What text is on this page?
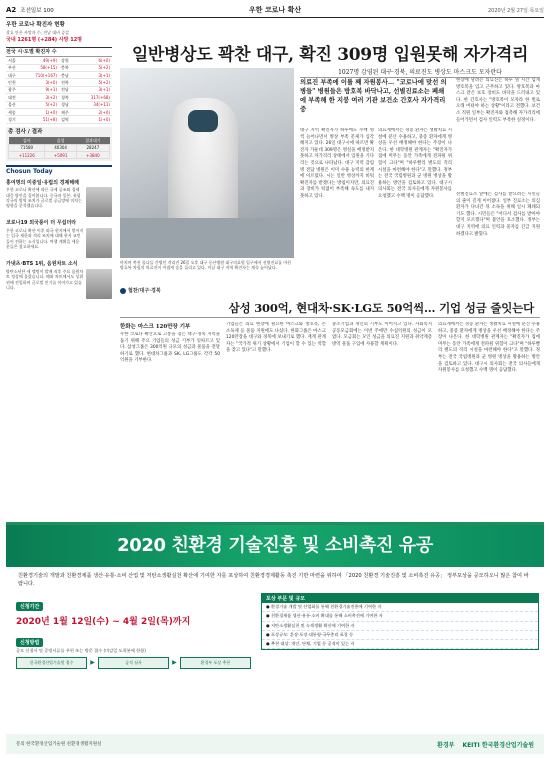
A2 조선일보 100	우한 코로나 확산	2020년 2월 27일 목요일
우한 코로나 확진자 현황
괄호 안은 사망자 수, 전날 대비 증감
국내 1261명 (+284) 사망 12명
전국 시·도별 확진자 수
서울	49(+9) 강원	6(+0)
부산	58(+15) 충북	5(+2)
대구	710(+167) 충남	3(+1)
인천	3(+0) 전북	5(+2)
광주	9(+1) 전남	3(+1)
대전	3(+2) 경북	317(+68)
울산	5(+2) 경남	34(+11)
세종	1(+0) 제주	2(+0)
경기	51(+8) 검역	1(+0)
총 검사 / 결과
검사	음성	결과대기
71580	40304	28247
+11226	+5091	+3840
Chosun Today
홍여명의 미중일·유럽의 경제해례
우한 코로나 확산에 따른 국제 공조와 경제 대응 방안을 짚어봅니다. 중국과 일본, 유럽 각국의 방역 조치가 글로벌 공급망에 미치는 영향을 분석했습니다.
코로나19 외국풍이 더 무섭더라
우한 코로나 확산 이후 외국 현지에서 벌어지는 입국 제한과 격리 조치에 대해 현지 교민들이 전하는 소식입니다. 여행 계획을 세운 분들은 참고하세요.
가넷츠·BTS 1위, 음원차트 소식
방탄소년단 새 앨범이 발매 직후 주요 음원차트 정상에 올랐습니다. 해외 차트에서도 상위권에 진입하며 글로벌 인기를 이어가고 있습니다.
일반병상도 꽉찬 대구, 확진 309명 입원못해 자가격리
마치며 쪽진 물나들 간병인 격리진 26일 오후 대구 동산병원 대구의료원 입구에서 선별진료를 마친 방호복 차림의 의료진이 어렵게 숨을 돌리고 있다. 이날 대구 지역 확진자는 계속 늘어났다.
1027명 감염된 대구·경북, 의료진도 병상도 마스크도 모자란다
의료진 부족에 이틀 째 자원봉사… "코로나에 맞선 의병들" 병원들은 방호복 바닥나고, 선별진료소는 폐쇄에 부족해 한 지붕 여러 기관 보건소 간호사 자가격리 중
대구 지역 확진자가 하루에도 수백 명씩 늘어나면서 병상 부족 문제가 심각해지고 있다. 26일 대구시에 따르면 확진자 가운데 309명은 병실을 배정받지 못하고 자가격리 상태에서 입원을 기다리는 것으로 나타났다. 대구 지역 감염병 전담 병원은 이미 수용 능력의 한계에 이르렀다. 시는 일반 병상까지 비워 확진자를 받겠다는 방침이지만, 의료진과 장비가 턱없이 부족해 속도를 내지 못하고 있다.
의료계에서는 경증 환자는 생활치료 시설에 분산 수용하고, 중증 환자에게 병상을 우선 배정해야 한다는 주장이 나온다. 한 대학병원 관계자는 "확진자가 집에 머무는 동안 가족에게 전파될 위험이 크다"며 "하루빨리 별도의 격리 시설을 마련해야 한다"고 말했다. 정부는 전국 국립병원과 군 병원 병상을 활용하는 방안을 검토하고 있다. 대구시 의사회는 전국 의사들에게 자원봉사를 요청했고 수백 명이 응답했다.
현장에 달려온 의료진은 하루 열 시간 넘게 방호복을 입고 근무하고 있다. 방호복과 마스크 같은 보호 장비도 바닥을 드러내고 있다. 한 간호사는 "방호복이 모자라 한 벌로 오래 버텨야 하는 상황"이라고 전했다. 보건소 직원 일부는 확진자와 접촉해 자가격리에 들어가면서 검사 인력도 부족한 실정이다.
선별진료소 앞에는 검사를 받으려는 시민들의 줄이 길게 이어졌다. 일부 진료소는 의심 환자가 다녀간 뒤 소독을 위해 일시 폐쇄되기도 했다. 시민들은 "어디서 검사를 받아야 할지 모르겠다"며 불안을 호소했다. 정부는 대구 지역에 의료 인력과 물자를 긴급 지원하겠다고 밝혔다.
협찬/대구·경북
삼성 300억, 현대차·SK·LG도 50억씩… 기업 성금 줄잇는다
한화는 마스크 120만장 기부
우한 코로나 확산으로 고통을 겪는 대구·경북 지역을 돕기 위해 주요 기업들의 성금 기부가 잇따르고 있다. 삼성그룹은 300억원 규모의 성금과 물품을 전달하기로 했다. 현대차그룹과 SK, LG그룹도 각각 50억원을 기부한다.
기업들은 의료 현장에 필요한 마스크와 방호복, 손 소독제 등 물품 지원에도 나섰다. 한화그룹은 마스크 120만장을 대구와 경북에 보내기로 했다. 재계 관계자는 "국가적 위기 상황에서 기업이 할 수 있는 역할을 찾고 있다"고 말했다.
중소기업과 개인의 기부도 이어지고 있다. 사회복지공동모금회에는 이번 주에만 수십억원의 성금이 모였다. 모금회는 모인 성금을 의료진 지원과 취약계층 방역 물품 구입에 사용할 계획이다.
의료계에서는 경증 환자는 생활치료 시설에 분산 수용하고, 중증 환자에게 병상을 우선 배정해야 한다는 주장이 나온다. 한 대학병원 관계자는 "확진자가 집에 머무는 동안 가족에게 전파될 위험이 크다"며 "하루빨리 별도의 격리 시설을 마련해야 한다"고 말했다. 정부는 전국 국립병원과 군 병원 병상을 활용하는 방안을 검토하고 있다. 대구시 의사회는 전국 의사들에게 자원봉사를 요청했고 수백 명이 응답했다.
2020 친환경 기술진흥 및 소비촉진 유공
친환경기술의 개발과 친환경제품 생산·유통·소비 산업 및 저탄소생활실천 확산에 기여한 자를 포상하여 친환경경제활동 촉진 기반 마련을 위하여 「2020 친환경 기술진흥 및 소비촉진 유공」 정부포상을 공모하오니 많은 참여 바랍니다.
신청기간
2020년 1월 12일(수) ~ 4월 2일(목)까지
신청방법
공모 신청서 및 증빙서류를 우편 또는 방문 접수 (마감일 도착분에 한함)
한국환경산업기술원 접수	▶	공적 심사	▶	환경부 포상 추천
포상 부문 및 규모
● 환경기술 개발 및 산업화를 통해 친환경기술진흥에 기여한 자
● 친환경제품 생산·유통·소비 확대를 통해 소비촉진에 기여한 자
● 저탄소생활실천 및 녹색생활 확산에 기여한 자
● 포상규모: 훈장·포장·대통령·국무총리 표창 등
● 추천 대상: 개인, 단체, 기업 등 공적이 있는 자
문의 한국환경산업기술원 친환경생활지원실	환경부 KEITI 한국환경산업기술원
